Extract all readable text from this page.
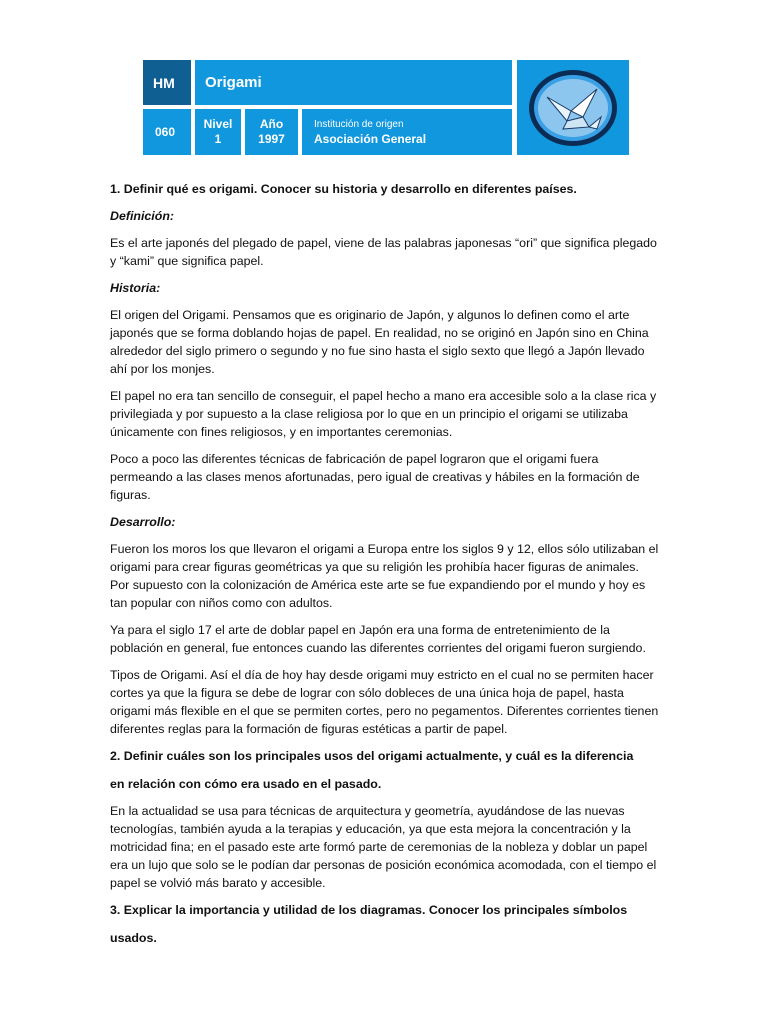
HM	Origami
060
Nivel
1
Año
1997
Institución de origen
Asociación General

1. Definir qué es origami. Conocer su historia y desarrollo en diferentes países.

Definición:

Es el arte japonés del plegado de papel, viene de las palabras japonesas “ori” que significa plegado y “kami” que significa papel.

Historia:

El origen del Origami. Pensamos que es originario de Japón, y algunos lo definen como el arte japonés que se forma doblando hojas de papel. En realidad, no se originó en Japón sino en China alrededor del siglo primero o segundo y no fue sino hasta el siglo sexto que llegó a Japón llevado ahí por los monjes.

El papel no era tan sencillo de conseguir, el papel hecho a mano era accesible solo a la clase rica y privilegiada y por supuesto a la clase religiosa por lo que en un principio el origami se utilizaba únicamente con fines religiosos, y en importantes ceremonias.

Poco a poco las diferentes técnicas de fabricación de papel lograron que el origami fuera permeando a las clases menos afortunadas, pero igual de creativas y hábiles en la formación de figuras.

Desarrollo:

Fueron los moros los que llevaron el origami a Europa entre los siglos 9 y 12, ellos sólo utilizaban el origami para crear figuras geométricas ya que su religión les prohibía hacer figuras de animales. Por supuesto con la colonización de América este arte se fue expandiendo por el mundo y hoy es tan popular con niños como con adultos.

Ya para el siglo 17 el arte de doblar papel en Japón era una forma de entretenimiento de la población en general, fue entonces cuando las diferentes corrientes del origami fueron surgiendo.

Tipos de Origami. Así el día de hoy hay desde origami muy estricto en el cual no se permiten hacer cortes ya que la figura se debe de lograr con sólo dobleces de una única hoja de papel, hasta origami más flexible en el que se permiten cortes, pero no pegamentos. Diferentes corrientes tienen diferentes reglas para la formación de figuras estéticas a partir de papel.

2. Definir cuáles son los principales usos del origami actualmente, y cuál es la diferencia

en relación con cómo era usado en el pasado.

En la actualidad se usa para técnicas de arquitectura y geometría, ayudándose de las nuevas tecnologías, también ayuda a la terapias y educación, ya que esta mejora la concentración y la motricidad fina; en el pasado este arte formó parte de ceremonias de la nobleza y doblar un papel era un lujo que solo se le podían dar personas de posición económica acomodada, con el tiempo el papel se volvió más barato y accesible.

3. Explicar la importancia y utilidad de los diagramas. Conocer los principales símbolos

usados.
